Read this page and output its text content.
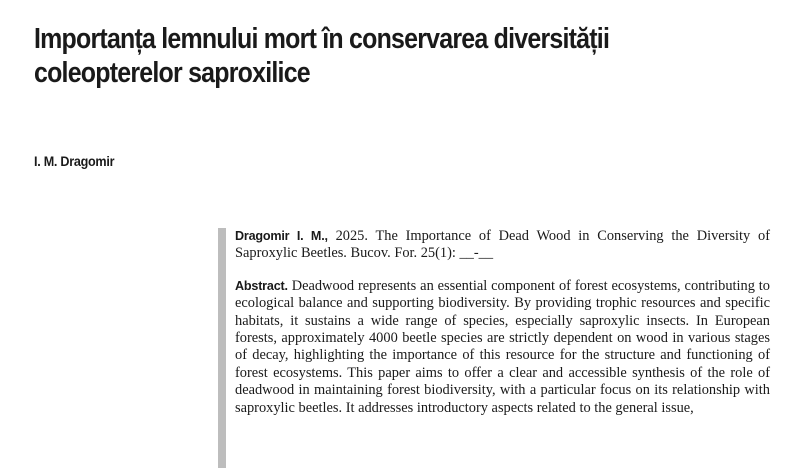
Importanța lemnului mort în conservarea diversității coleopterelor saproxilice

I. M. Dragomir

Dragomir I. M., 2025. The Importance of Dead Wood in Conserving the Diversity of Saproxylic Beetles. Bucov. For. 25(1): __-__

Abstract. Deadwood represents an essential component of forest ecosystems, contributing to ecological balance and supporting biodiversity. By providing trophic resources and specific habitats, it sustains a wide range of species, especially saproxylic insects. In European forests, approximately 4000 beetle species are strictly dependent on wood in various stages of decay, highlighting the importance of this resource for the structure and functioning of forest ecosystems. This paper aims to offer a clear and accessible synthesis of the role of deadwood in maintaining forest biodiversity, with a particular focus on its relationship with saproxylic beetles. It addresses introductory aspects related to the general issue,
